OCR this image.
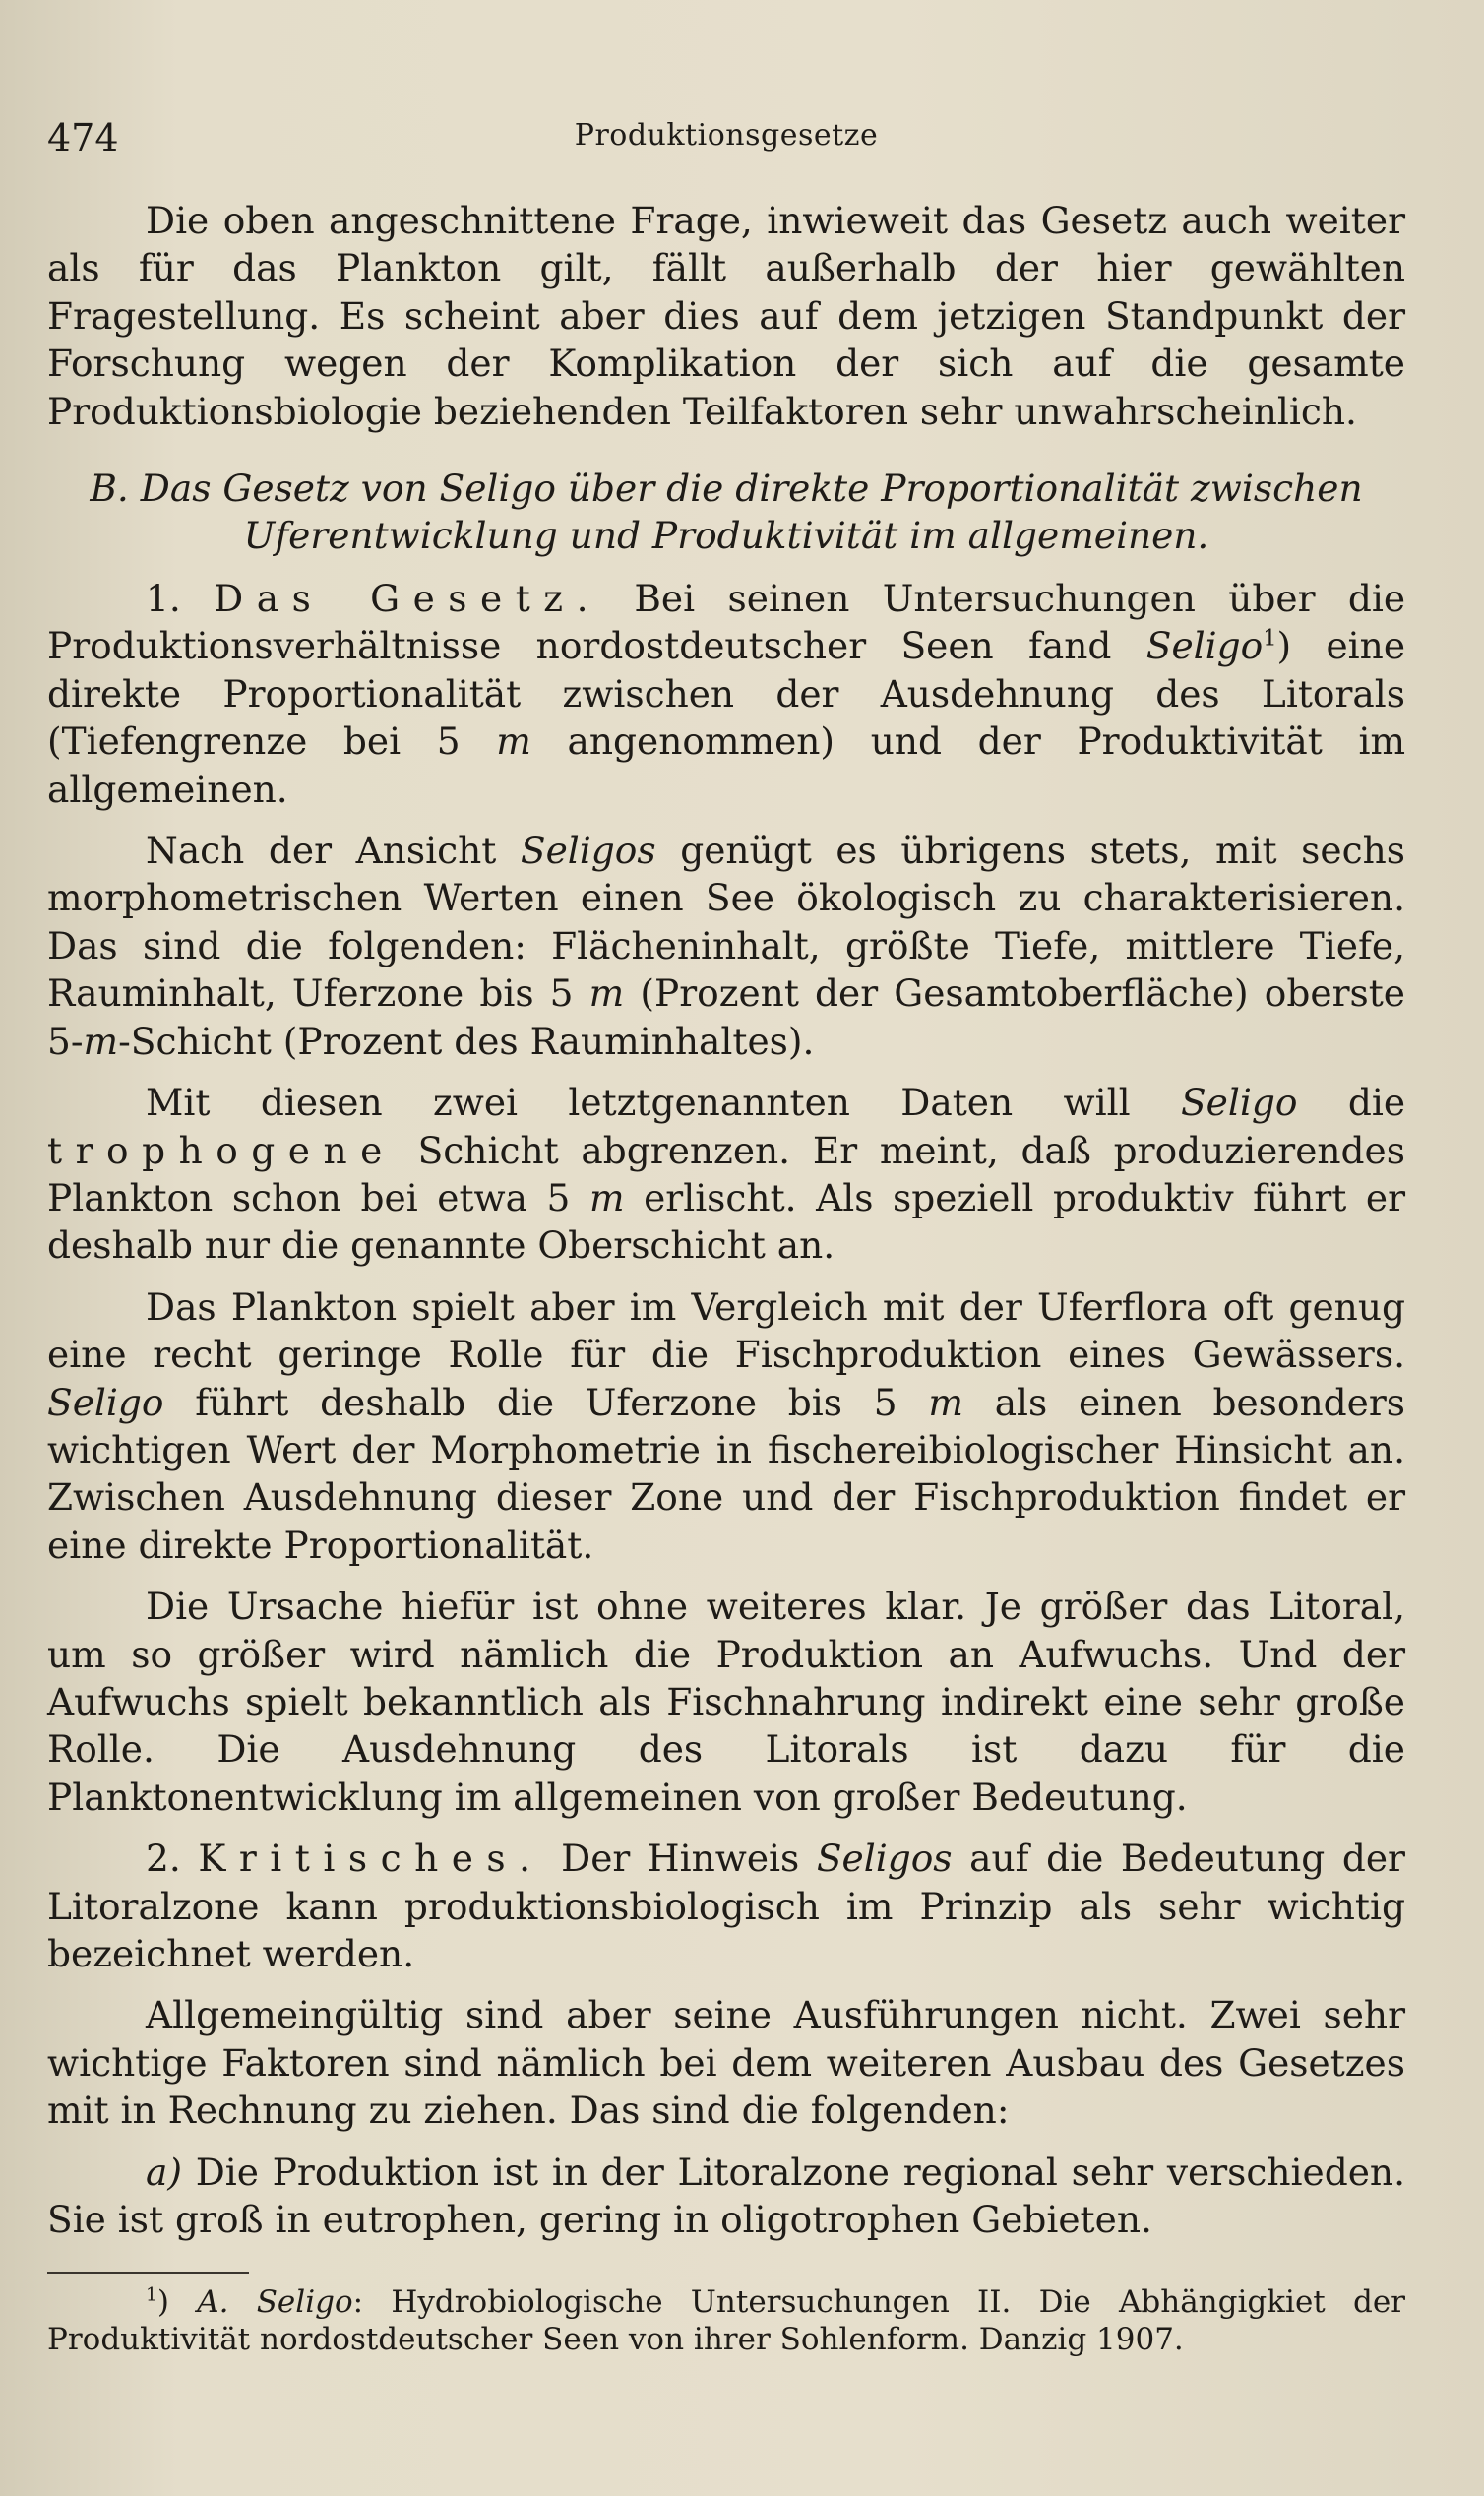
474	Produktionsgesetze

Die oben angeschnittene Frage, inwieweit das Gesetz auch weiter als für das Plankton gilt, fällt außerhalb der hier gewählten Fragestellung. Es scheint aber dies auf dem jetzigen Standpunkt der Forschung wegen der Komplikation der sich auf die gesamte Produktionsbiologie beziehenden Teilfaktoren sehr unwahrscheinlich.

B. Das Gesetz von Seligo über die direkte Proportionalität zwischen
Uferentwicklung und Produktivität im allgemeinen.

1. Das Gesetz. Bei seinen Untersuchungen über die Produktionsverhältnisse nordostdeutscher Seen fand Seligo$^1$) eine direkte Proportionalität zwischen der Ausdehnung des Litorals (Tiefengrenze bei 5 m angenommen) und der Produktivität im allgemeinen.

Nach der Ansicht Seligos genügt es übrigens stets, mit sechs morphometrischen Werten einen See ökologisch zu charakterisieren. Das sind die folgenden: Flächeninhalt, größte Tiefe, mittlere Tiefe, Rauminhalt, Uferzone bis 5 m (Prozent der Gesamtoberfläche) oberste 5-m-Schicht (Prozent des Rauminhaltes).

Mit diesen zwei letztgenannten Daten will Seligo die trophogene Schicht abgrenzen. Er meint, daß produzierendes Plankton schon bei etwa 5 m erlischt. Als speziell produktiv führt er deshalb nur die genannte Oberschicht an.

Das Plankton spielt aber im Vergleich mit der Uferflora oft genug eine recht geringe Rolle für die Fischproduktion eines Gewässers. Seligo führt deshalb die Uferzone bis 5 m als einen besonders wichtigen Wert der Morphometrie in fischereibiologischer Hinsicht an. Zwischen Ausdehnung dieser Zone und der Fischproduktion findet er eine direkte Proportionalität.

Die Ursache hiefür ist ohne weiteres klar. Je größer das Litoral, um so größer wird nämlich die Produktion an Aufwuchs. Und der Aufwuchs spielt bekanntlich als Fischnahrung indirekt eine sehr große Rolle. Die Ausdehnung des Litorals ist dazu für die Planktonentwicklung im allgemeinen von großer Bedeutung.

2. Kritisches. Der Hinweis Seligos auf die Bedeutung der Litoralzone kann produktionsbiologisch im Prinzip als sehr wichtig bezeichnet werden.

Allgemeingültig sind aber seine Ausführungen nicht. Zwei sehr wichtige Faktoren sind nämlich bei dem weiteren Ausbau des Gesetzes mit in Rechnung zu ziehen. Das sind die folgenden:

a) Die Produktion ist in der Litoralzone regional sehr verschieden. Sie ist groß in eutrophen, gering in oligotrophen Gebieten.

$^1$) A. Seligo: Hydrobiologische Untersuchungen II. Die Abhängigkiet der Produktivität nordostdeutscher Seen von ihrer Sohlenform. Danzig 1907.
